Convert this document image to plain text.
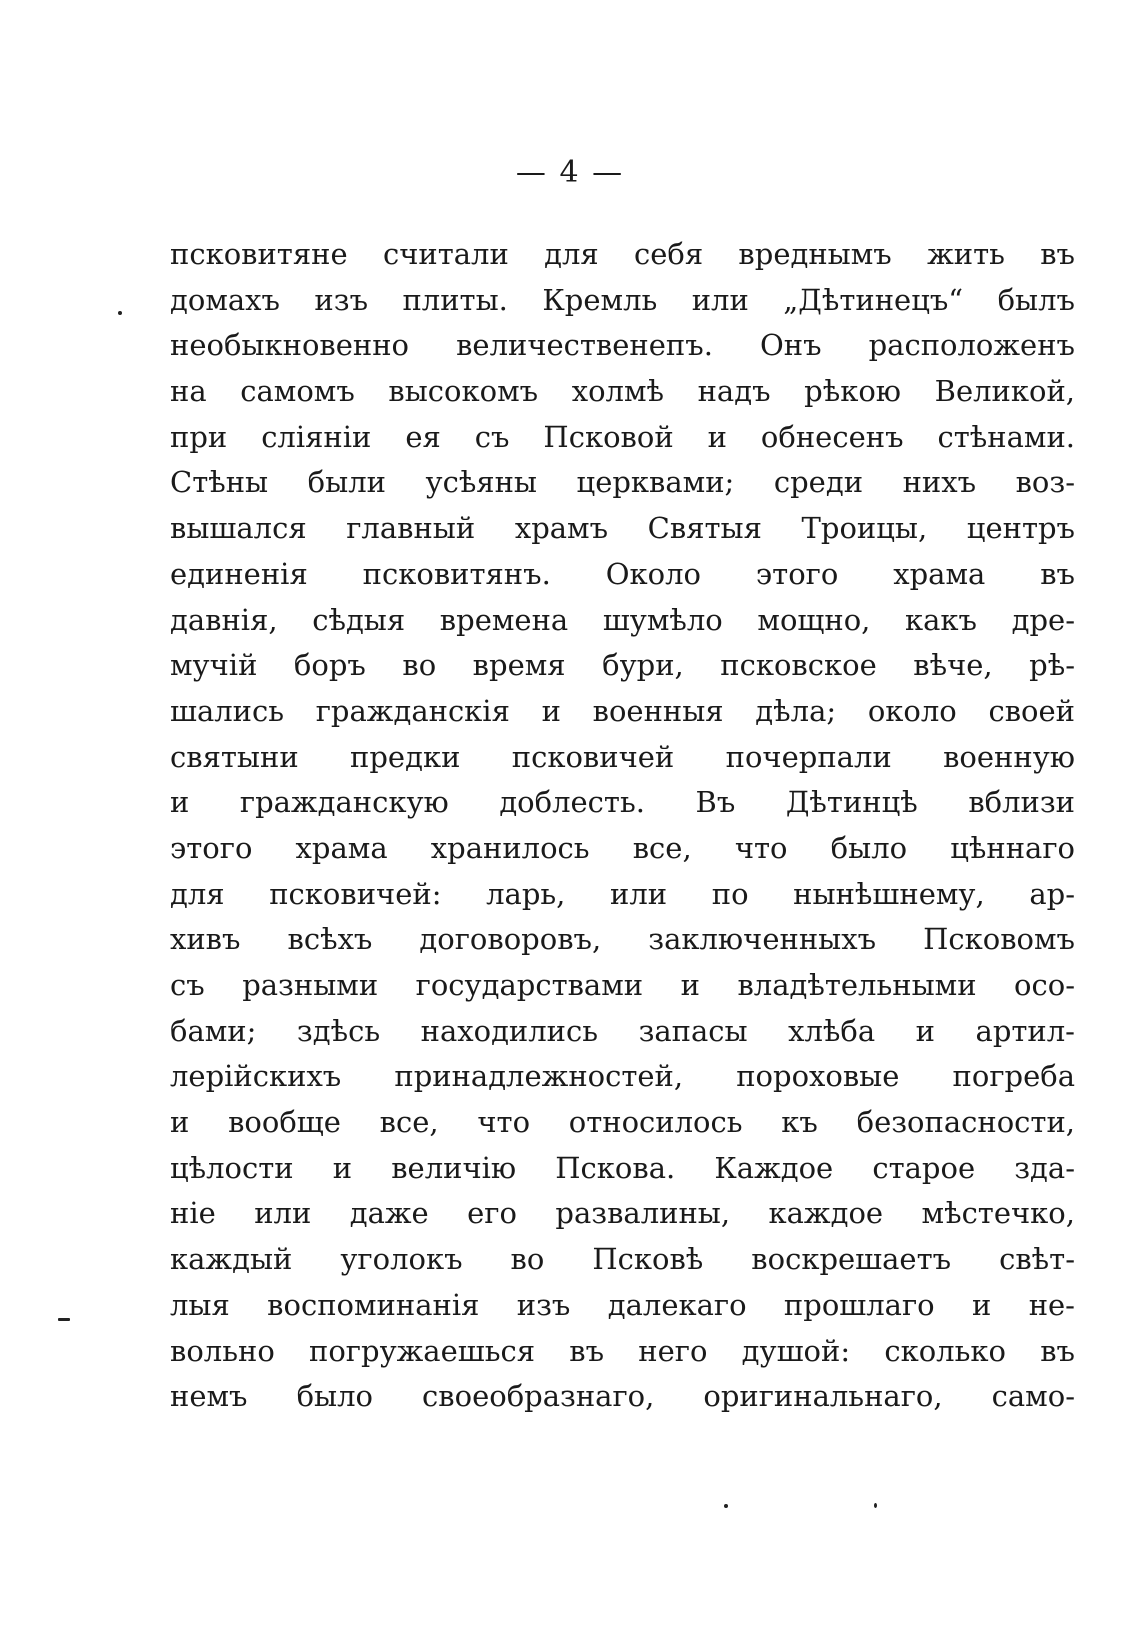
— 4 —
псковитяне считали для себя вреднымъ жить въ
домахъ изъ плиты. Кремль или „Дѣтинецъ“ былъ
необыкновенно величественепъ. Онъ расположенъ
на самомъ высокомъ холмѣ надъ рѣкою Великой,
при сліяніи ея съ Псковой и обнесенъ стѣнами.
Стѣны были усѣяны церквами; среди нихъ воз-
вышался главный храмъ Святыя Троицы, центръ
единенія псковитянъ. Около этого храма въ
давнія, сѣдыя времена шумѣло мощно, какъ дре-
мучій боръ во время бури, псковское вѣче, рѣ-
шались гражданскія и военныя дѣла; около своей
святыни предки псковичей почерпали военную
и гражданскую доблесть. Въ Дѣтинцѣ вблизи
этого храма хранилось все, что было цѣннаго
для псковичей: ларь, или по нынѣшнему, ар-
хивъ всѣхъ договоровъ, заключенныхъ Псковомъ
съ разными государствами и владѣтельными осо-
бами; здѣсь находились запасы хлѣба и артил-
лерійскихъ принадлежностей, пороховые погреба
и вообще все, что относилось къ безопасности,
цѣлости и величію Пскова. Каждое старое зда-
ніе или даже его развалины, каждое мѣстечко,
каждый уголокъ во Псковѣ воскрешаетъ свѣт-
лыя воспоминанія изъ далекаго прошлаго и не-
вольно погружаешься въ него душой: сколько въ
немъ было своеобразнаго, оригинальнаго, само-
